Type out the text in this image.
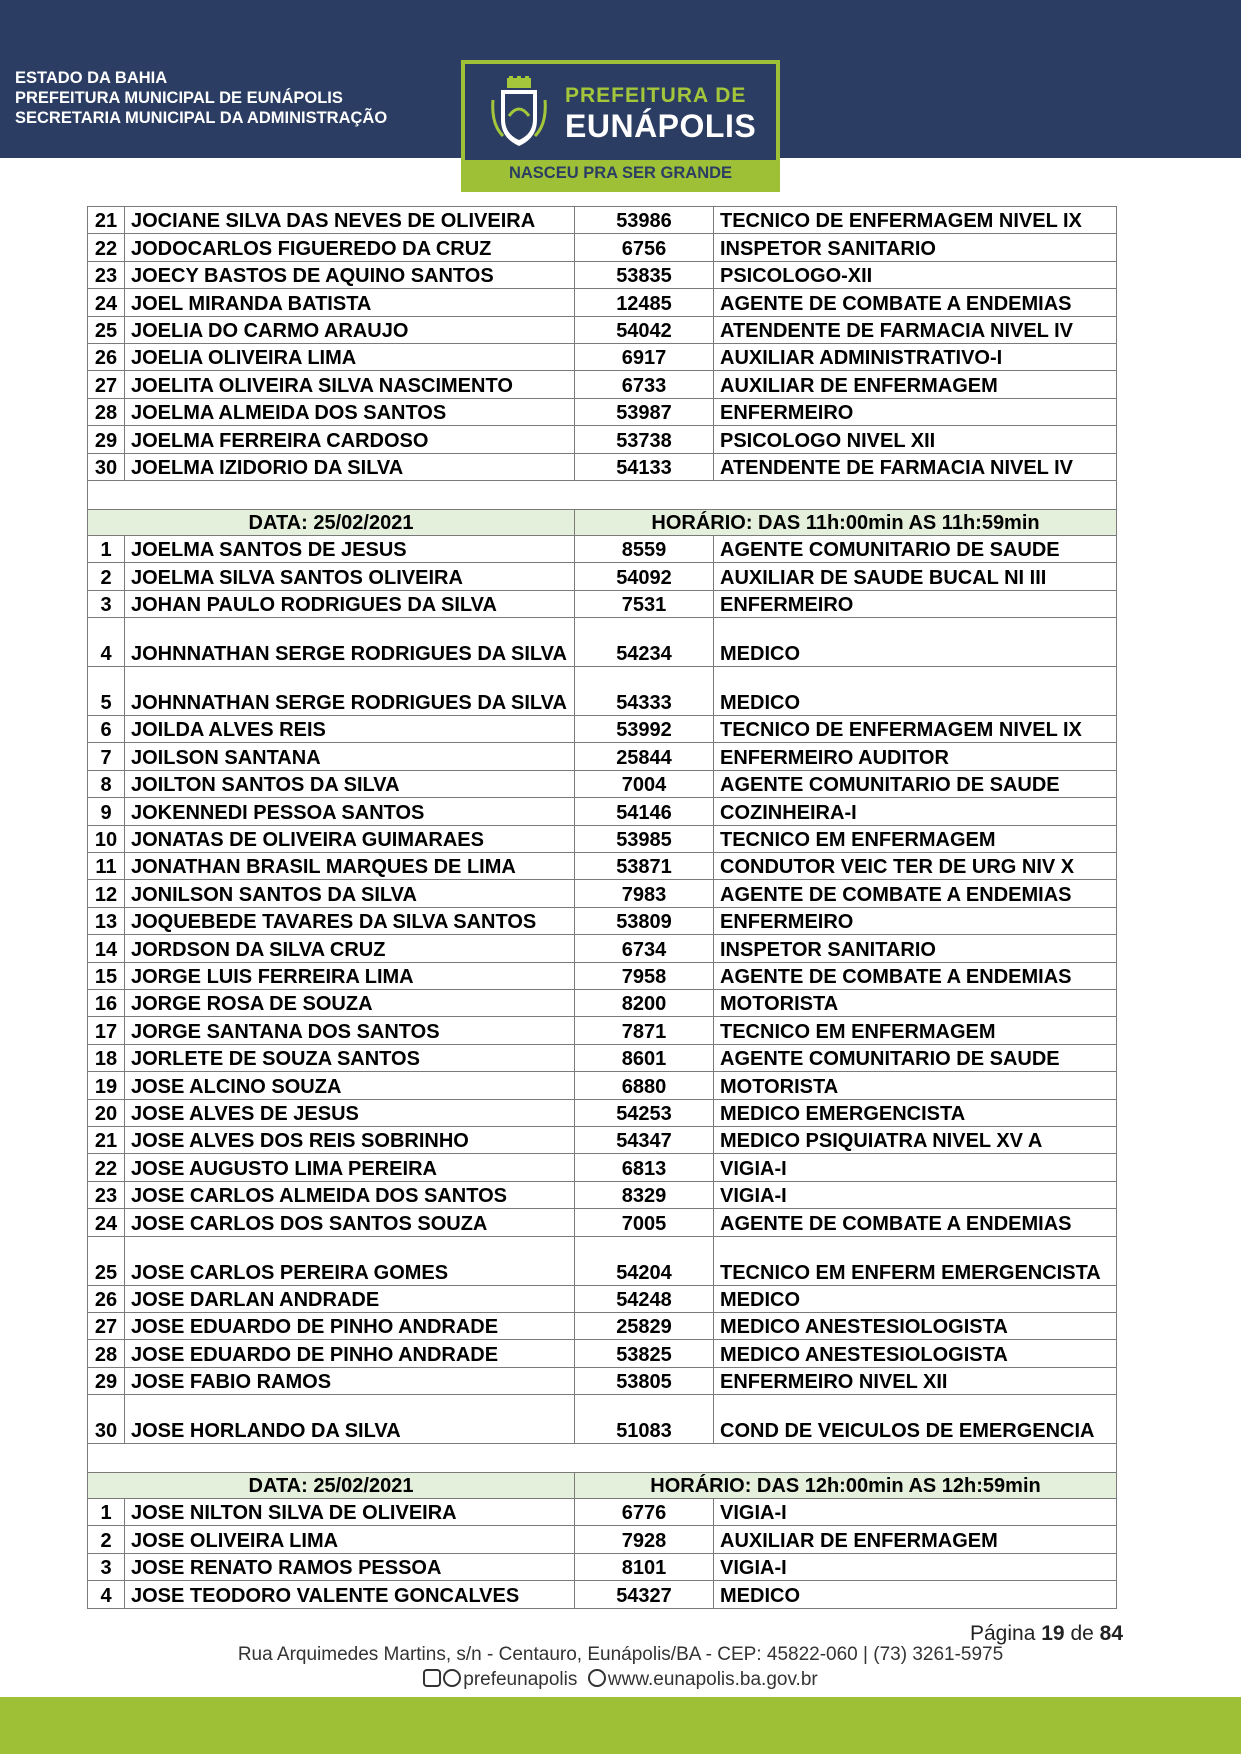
ESTADO DA BAHIA
PREFEITURA MUNICIPAL DE EUNÁPOLIS
SECRETARIA MUNICIPAL DA ADMINISTRAÇÃO
PREFEITURA DE
EUNÁPOLIS
NASCEU PRA SER GRANDE
21	JOCIANE SILVA DAS NEVES DE OLIVEIRA	53986	TECNICO DE ENFERMAGEM NIVEL IX
22	JODOCARLOS FIGUEREDO DA CRUZ	6756	INSPETOR SANITARIO
23	JOECY BASTOS DE AQUINO SANTOS	53835	PSICOLOGO-XII
24	JOEL MIRANDA BATISTA	12485	AGENTE DE COMBATE A ENDEMIAS
25	JOELIA DO CARMO ARAUJO	54042	ATENDENTE DE FARMACIA NIVEL IV
26	JOELIA OLIVEIRA LIMA	6917	AUXILIAR ADMINISTRATIVO-I
27	JOELITA OLIVEIRA SILVA NASCIMENTO	6733	AUXILIAR DE ENFERMAGEM
28	JOELMA ALMEIDA DOS SANTOS	53987	ENFERMEIRO
29	JOELMA FERREIRA CARDOSO	53738	PSICOLOGO NIVEL XII
30	JOELMA IZIDORIO DA SILVA	54133	ATENDENTE DE FARMACIA NIVEL IV

DATA: 25/02/2021		HORÁRIO: DAS 11h:00min AS 11h:59min	
1	JOELMA SANTOS DE JESUS	8559	AGENTE COMUNITARIO DE SAUDE
2	JOELMA SILVA SANTOS OLIVEIRA	54092	AUXILIAR DE SAUDE BUCAL NI III
3	JOHAN PAULO RODRIGUES DA SILVA	7531	ENFERMEIRO
4	JOHNNATHAN SERGE RODRIGUES DA SILVA	54234	MEDICO
5	JOHNNATHAN SERGE RODRIGUES DA SILVA	54333	MEDICO
6	JOILDA ALVES REIS	53992	TECNICO DE ENFERMAGEM NIVEL IX
7	JOILSON SANTANA	25844	ENFERMEIRO AUDITOR
8	JOILTON SANTOS DA SILVA	7004	AGENTE COMUNITARIO DE SAUDE
9	JOKENNEDI PESSOA SANTOS	54146	COZINHEIRA-I
10	JONATAS DE OLIVEIRA GUIMARAES	53985	TECNICO EM ENFERMAGEM
11	JONATHAN BRASIL MARQUES DE LIMA	53871	CONDUTOR VEIC TER DE URG NIV X
12	JONILSON SANTOS DA SILVA	7983	AGENTE DE COMBATE A ENDEMIAS
13	JOQUEBEDE TAVARES DA SILVA SANTOS	53809	ENFERMEIRO
14	JORDSON DA SILVA CRUZ	6734	INSPETOR SANITARIO
15	JORGE LUIS FERREIRA LIMA	7958	AGENTE DE COMBATE A ENDEMIAS
16	JORGE ROSA DE SOUZA	8200	MOTORISTA
17	JORGE SANTANA DOS SANTOS	7871	TECNICO EM ENFERMAGEM
18	JORLETE DE SOUZA SANTOS	8601	AGENTE COMUNITARIO DE SAUDE
19	JOSE ALCINO SOUZA	6880	MOTORISTA
20	JOSE ALVES DE JESUS	54253	MEDICO EMERGENCISTA
21	JOSE ALVES DOS REIS SOBRINHO	54347	MEDICO PSIQUIATRA NIVEL XV A
22	JOSE AUGUSTO LIMA PEREIRA	6813	VIGIA-I
23	JOSE CARLOS ALMEIDA DOS SANTOS	8329	VIGIA-I
24	JOSE CARLOS DOS SANTOS SOUZA	7005	AGENTE DE COMBATE A ENDEMIAS
25	JOSE CARLOS PEREIRA GOMES	54204	TECNICO EM ENFERM EMERGENCISTA
26	JOSE DARLAN ANDRADE	54248	MEDICO
27	JOSE EDUARDO DE PINHO ANDRADE	25829	MEDICO ANESTESIOLOGISTA
28	JOSE EDUARDO DE PINHO ANDRADE	53825	MEDICO ANESTESIOLOGISTA
29	JOSE FABIO RAMOS	53805	ENFERMEIRO NIVEL XII
30	JOSE HORLANDO DA SILVA	51083	COND DE VEICULOS DE EMERGENCIA

DATA: 25/02/2021		HORÁRIO: DAS 12h:00min AS 12h:59min	
1	JOSE NILTON SILVA DE OLIVEIRA	6776	VIGIA-I
2	JOSE OLIVEIRA LIMA	7928	AUXILIAR DE ENFERMAGEM
3	JOSE RENATO RAMOS PESSOA	8101	VIGIA-I
4	JOSE TEODORO VALENTE GONCALVES	54327	MEDICO
Página 19 de 84
Rua Arquimedes Martins, s/n - Centauro, Eunápolis/BA - CEP: 45822-060 | (73) 3261-5975
prefeunapolis www.eunapolis.ba.gov.br
